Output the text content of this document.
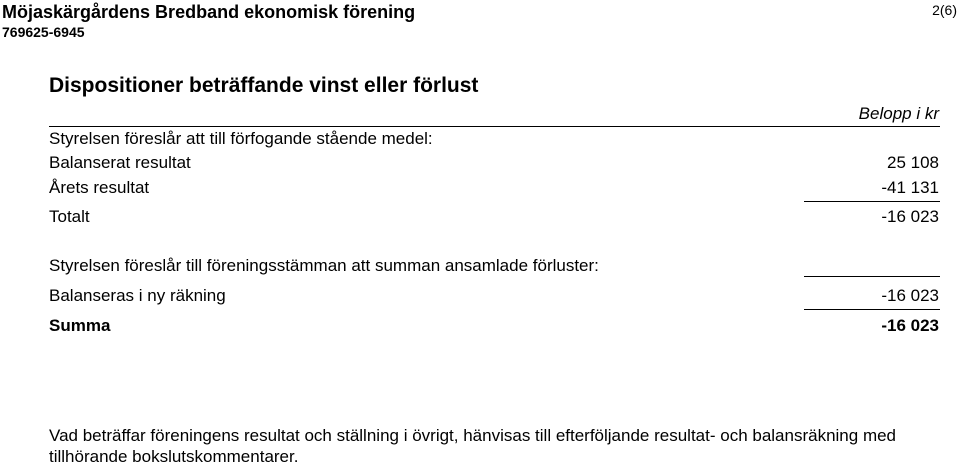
Möjaskärgårdens Bredband ekonomisk förening
769625-6945
2(6)
Dispositioner beträffande vinst eller förlust
Belopp i kr
Styrelsen föreslår att till förfogande stående medel:
Balanserat resultat	25 108
Årets resultat	-41 131
Totalt	-16 023
Styrelsen föreslår till föreningsstämman att summan ansamlade förluster:
Balanseras i ny räkning	-16 023
Summa	-16 023
Vad beträffar föreningens resultat och ställning i övrigt, hänvisas till efterföljande resultat- och balansräkning med tillhörande bokslutskommentarer.
